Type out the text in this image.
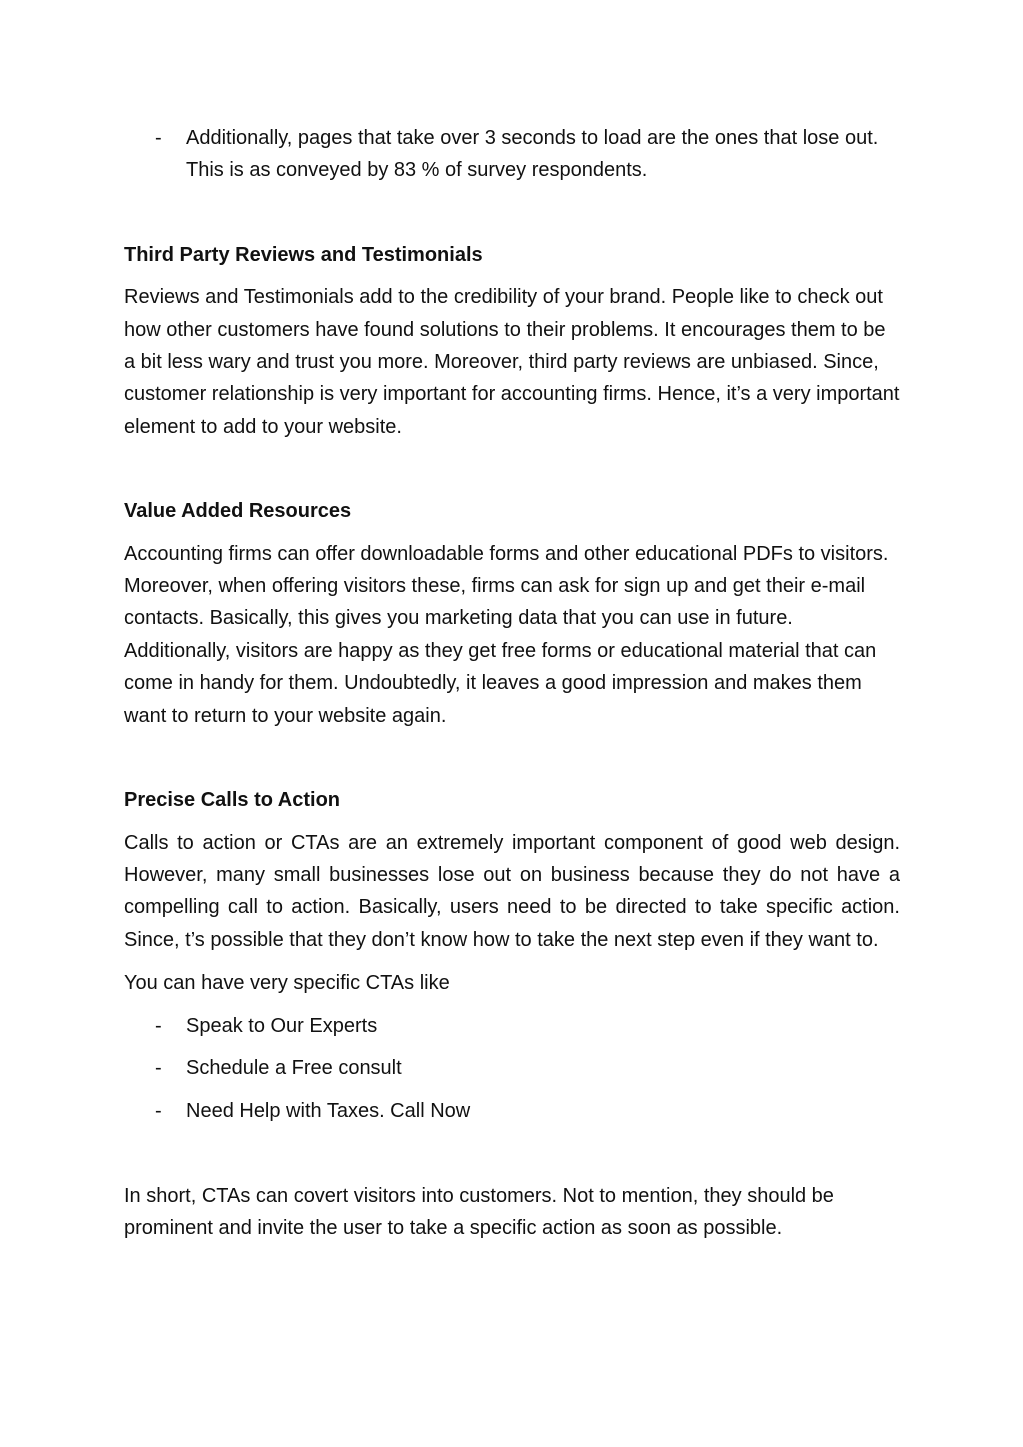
- Additionally, pages that take over 3 seconds to load are the ones that lose out. This is as conveyed by 83 % of survey respondents.
Third Party Reviews and Testimonials

Reviews and Testimonials add to the credibility of your brand. People like to check out how other customers have found solutions to their problems. It encourages them to be a bit less wary and trust you more. Moreover, third party reviews are unbiased. Since, customer relationship is very important for accounting firms. Hence, it’s a very important element to add to your website.

Value Added Resources

Accounting firms can offer downloadable forms and other educational PDFs to visitors. Moreover, when offering visitors these, firms can ask for sign up and get their e-mail contacts. Basically, this gives you marketing data that you can use in future. Additionally, visitors are happy as they get free forms or educational material that can come in handy for them. Undoubtedly, it leaves a good impression and makes them want to return to your website again.

Precise Calls to Action

Calls to action or CTAs are an extremely important component of good web design. However, many small businesses lose out on business because they do not have a compelling call to action. Basically, users need to be directed to take specific action. Since, t’s possible that they don’t know how to take the next step even if they want to.

You can have very specific CTAs like

- Speak to Our Experts
- Schedule a Free consult
- Need Help with Taxes. Call Now

In short, CTAs can covert visitors into customers. Not to mention, they should be prominent and invite the user to take a specific action as soon as possible.
